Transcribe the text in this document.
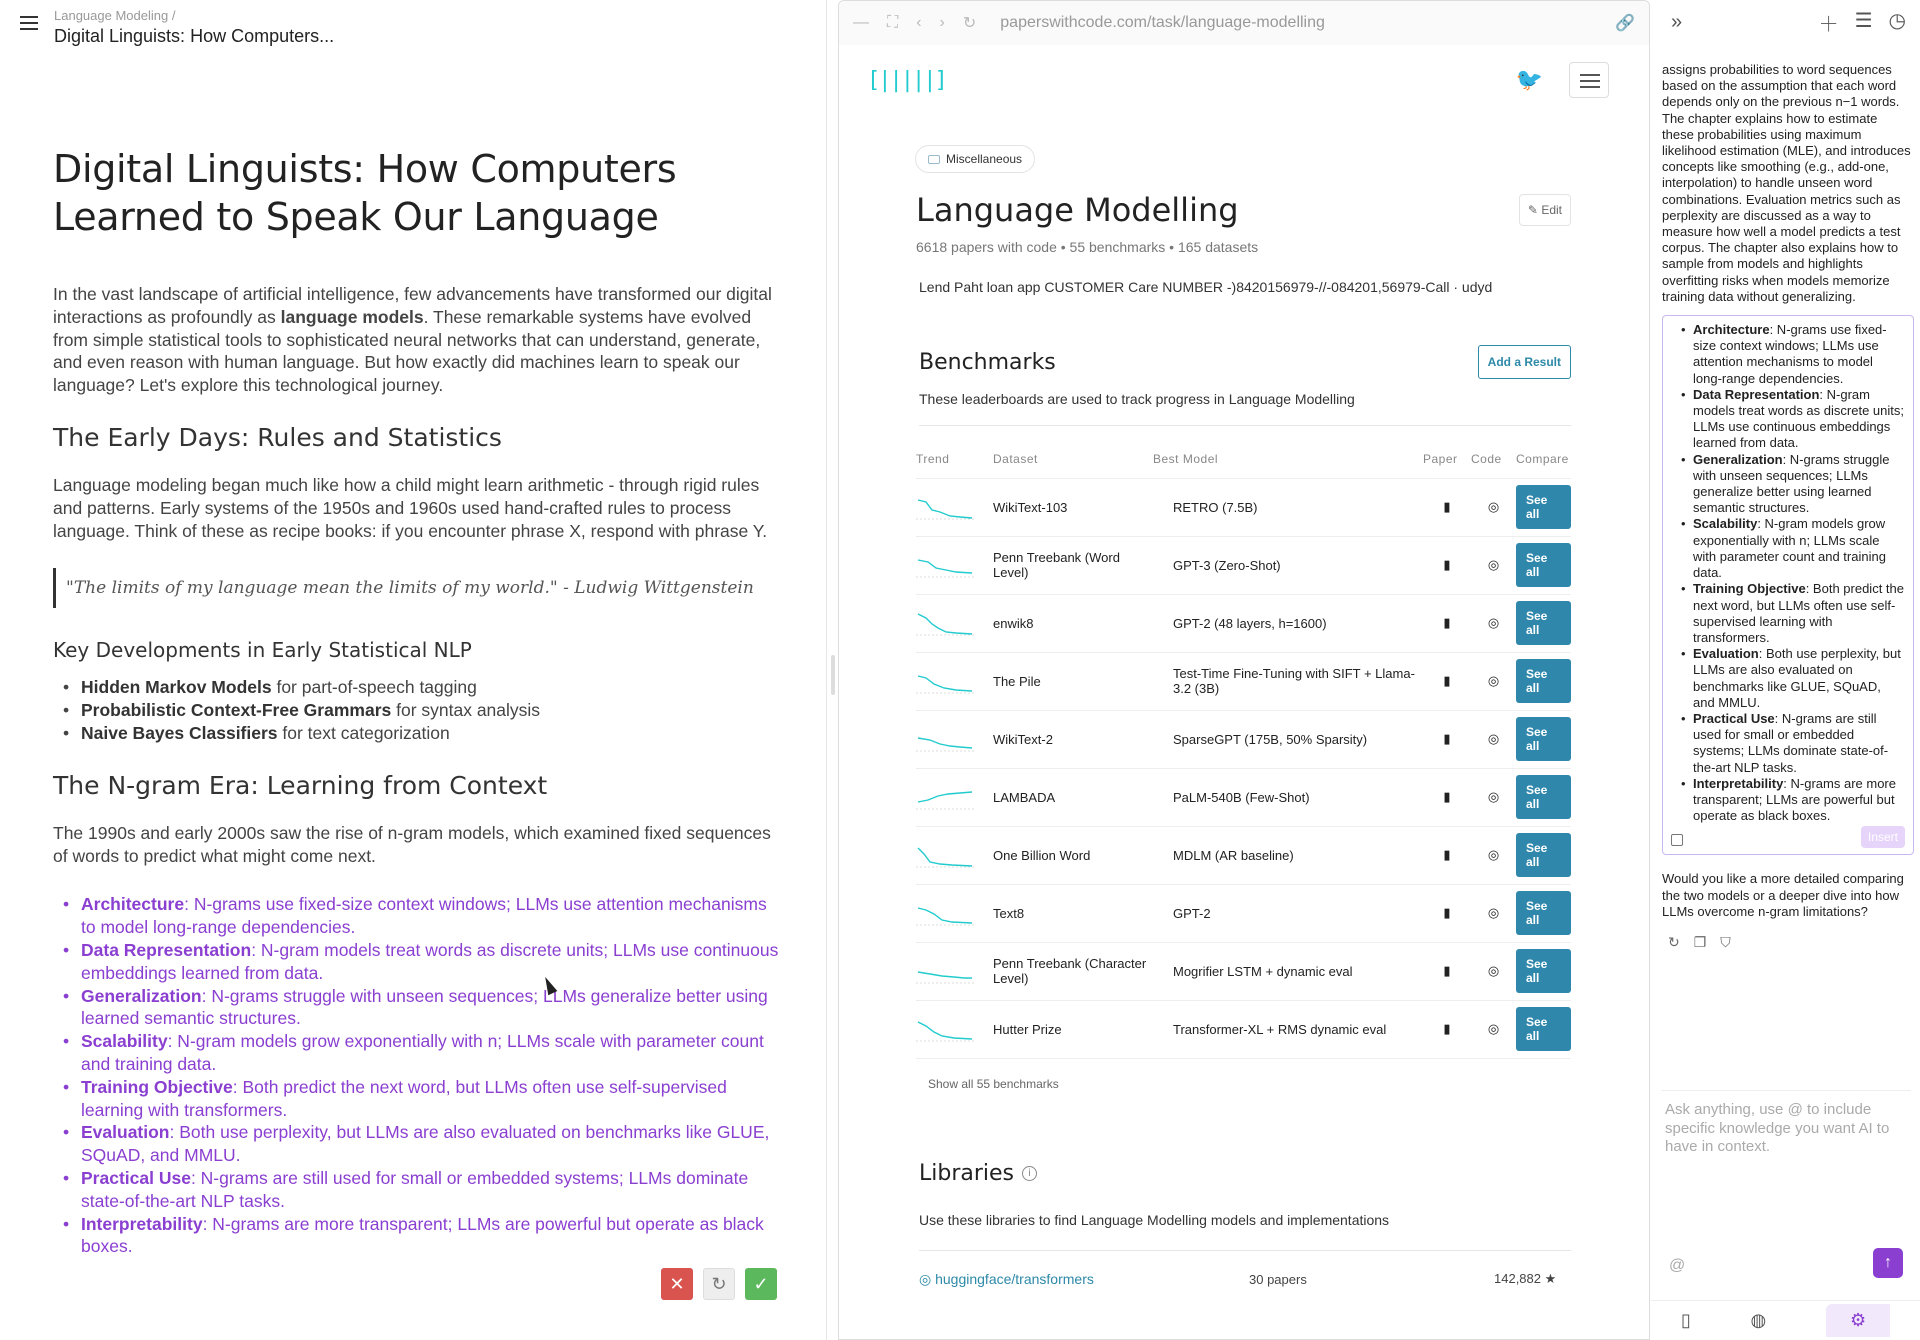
Language Modeling /
Digital Linguists: How Computers...
Digital Linguists: How Computers Learned to Speak Our Language

In the vast landscape of artificial intelligence, few advancements have transformed our digital interactions as profoundly as language models. These remarkable systems have evolved from simple statistical tools to sophisticated neural networks that can understand, generate, and even reason with human language. But how exactly did machines learn to speak our language? Let's explore this technological journey.

The Early Days: Rules and Statistics

Language modeling began much like how a child might learn arithmetic - through rigid rules and patterns. Early systems of the 1950s and 1960s used hand-crafted rules to process language. Think of these as recipe books: if you encounter phrase X, respond with phrase Y.

"The limits of my language mean the limits of my world." - Ludwig Wittgenstein
Key Developments in Early Statistical NLP
• Hidden Markov Models for part-of-speech tagging
• Probabilistic Context-Free Grammars for syntax analysis
• Naive Bayes Classifiers for text categorization
The N-gram Era: Learning from Context

The 1990s and early 2000s saw the rise of n-gram models, which examined fixed sequences of words to predict what might come next.

• Architecture: N-grams use fixed-size context windows; LLMs use attention mechanisms to model long-range dependencies.
• Data Representation: N-gram models treat words as discrete units; LLMs use continuous embeddings learned from data.
• Generalization: N-grams struggle with unseen sequences; LLMs generalize better using learned semantic structures.
• Scalability: N-gram models grow exponentially with n; LLMs scale with parameter count and training data.
• Training Objective: Both predict the next word, but LLMs often use self-supervised learning with transformers.
• Evaluation: Both use perplexity, but LLMs are also evaluated on benchmarks like GLUE, SQuAD, and MMLU.
• Practical Use: N-grams are still used for small or embedded systems; LLMs dominate state-of-the-art NLP tasks.
• Interpretability: N-grams are more transparent; LLMs are powerful but operate as black boxes.
✕	↻	✓
— ⛶ ‹ › ↻ paperswithcode.com/task/language-modelling	🔗
[|||||]	🐦
Miscellaneous
Language Modelling	✎ Edit
6618 papers with code • 55 benchmarks • 165 datasets
Lend Paht loan app CUSTOMER Care NUMBER -)8420156979-//-084201,56979-Call · udyd
Benchmarks	Add a Result
These leaderboards are used to track progress in Language Modelling
Trend	Dataset	Best Model	Paper	Code	Compare

	WikiText-103	RETRO (7.5B)	▮	◎	See all

	Penn Treebank (Word Level)	GPT-3 (Zero-Shot)	▮	◎	See all

	enwik8	GPT-2 (48 layers, h=1600)	▮	◎	See all

	The Pile	Test-Time Fine-Tuning with SIFT + Llama-3.2 (3B)	▮	◎	See all

	WikiText-2	SparseGPT (175B, 50% Sparsity)	▮	◎	See all

	LAMBADA	PaLM-540B (Few-Shot)	▮	◎	See all

	One Billion Word	MDLM (AR baseline)	▮	◎	See all

	Text8	GPT-2	▮	◎	See all

	Penn Treebank (Character Level)	Mogrifier LSTM + dynamic eval	▮	◎	See all

	Hutter Prize	Transformer-XL + RMS dynamic eval	▮	◎	See all
Show all 55 benchmarks
Libraries	i
Use these libraries to find Language Modelling models and implementations
◎ huggingface/transformers	30 papers	142,882 ★
»	＋ ☰ ◷
assigns probabilities to word sequences based on the assumption that each word depends only on the previous n−1 words. The chapter explains how to estimate these probabilities using maximum likelihood estimation (MLE), and introduces concepts like smoothing (e.g., add-one, interpolation) to handle unseen word combinations. Evaluation metrics such as perplexity are discussed as a way to measure how well a model predicts a test corpus. The chapter also explains how to sample from models and highlights overfitting risks when models memorize training data without generalizing.
• Architecture: N-grams use fixed-size context windows; LLMs use attention mechanisms to model long-range dependencies.
• Data Representation: N-gram models treat words as discrete units; LLMs use continuous embeddings learned from data.
• Generalization: N-grams struggle with unseen sequences; LLMs generalize better using learned semantic structures.
• Scalability: N-gram models grow exponentially with n; LLMs scale with parameter count and training data.
• Training Objective: Both predict the next word, but LLMs often use self-supervised learning with transformers.
• Evaluation: Both use perplexity, but LLMs are also evaluated on benchmarks like GLUE, SQuAD, and MMLU.
• Practical Use: N-grams are still used for small or embedded systems; LLMs dominate state-of-the-art NLP tasks.
• Interpretability: N-grams are more transparent; LLMs are powerful but operate as black boxes.
Insert
Would you like a more detailed comparing the two models or a deeper dive into how LLMs overcome n-gram limitations?
↻ ❐ ⛉
Ask anything, use @ to include specific knowledge you want AI to have in context.
@	↑
▯	◍	⚙
